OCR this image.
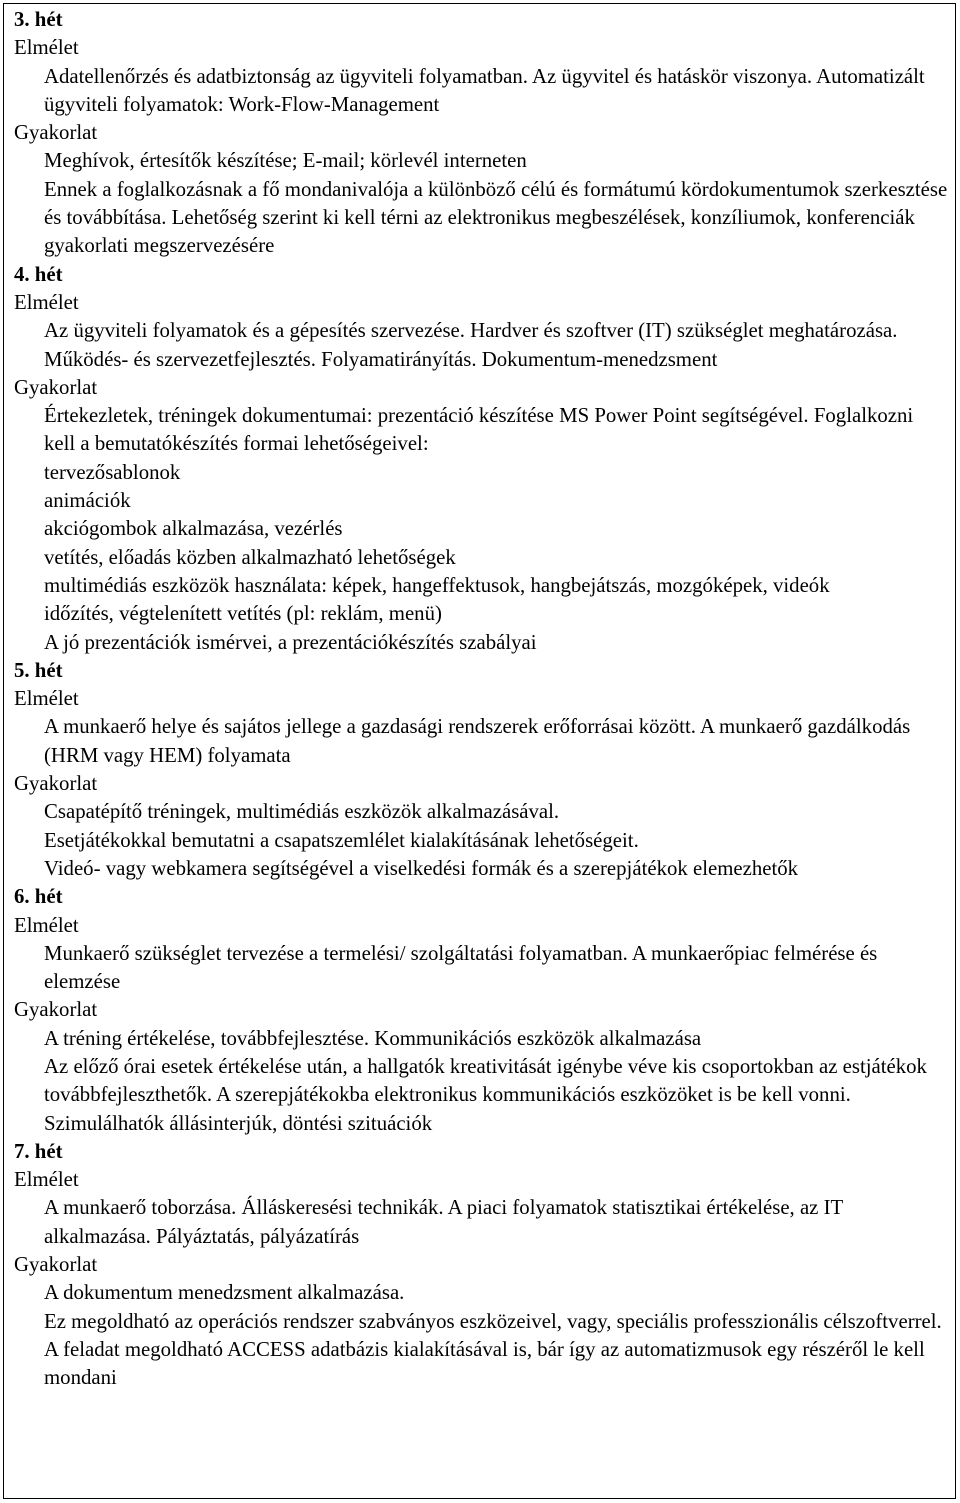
3. hét
Elmélet
Adatellenőrzés és adatbiztonság az ügyviteli folyamatban. Az ügyvitel és hatáskör viszonya. Automatizált ügyviteli folyamatok: Work-Flow-Management
Gyakorlat
Meghívok, értesítők készítése; E-mail; körlevél interneten
Ennek a foglalkozásnak a fő mondanivalója a különböző célú és formátumú kördokumentumok szerkesztése és továbbítása. Lehetőség szerint ki kell térni az elektronikus megbeszélések, konzíliumok, konferenciák gyakorlati megszervezésére
4. hét
Elmélet
Az ügyviteli folyamatok és a gépesítés szervezése. Hardver és szoftver (IT) szükséglet meghatározása. Működés- és szervezetfejlesztés. Folyamatirányítás. Dokumentum-menedzsment
Gyakorlat
Értekezletek, tréningek dokumentumai: prezentáció készítése MS Power Point segítségével. Foglalkozni kell a bemutatókészítés formai lehetőségeivel:
tervezősablonok
animációk
akciógombok alkalmazása, vezérlés
vetítés, előadás közben alkalmazható lehetőségek
multimédiás eszközök használata: képek, hangeffektusok, hangbejátszás, mozgóképek, videók
időzítés, végtelenített vetítés (pl: reklám, menü)
A jó prezentációk ismérvei, a prezentációkészítés szabályai
5. hét
Elmélet
A munkaerő helye és sajátos jellege a gazdasági rendszerek erőforrásai között. A munkaerő gazdálkodás (HRM vagy HEM) folyamata
Gyakorlat
Csapatépítő tréningek, multimédiás eszközök alkalmazásával.
Esetjátékokkal bemutatni a csapatszemlélet kialakításának lehetőségeit.
Videó- vagy webkamera segítségével a viselkedési formák és a szerepjátékok elemezhetők
6. hét
Elmélet
Munkaerő szükséglet tervezése a termelési/ szolgáltatási folyamatban. A munkaerőpiac felmérése és elemzése
Gyakorlat
A tréning értékelése, továbbfejlesztése. Kommunikációs eszközök alkalmazása
Az előző órai esetek értékelése után, a hallgatók kreativitását igénybe véve kis csoportokban az estjátékok továbbfejleszthetők. A szerepjátékokba elektronikus kommunikációs eszközöket is be kell vonni.
Szimulálhatók állásinterjúk, döntési szituációk
7. hét
Elmélet
A munkaerő toborzása. Álláskeresési technikák. A piaci folyamatok statisztikai értékelése, az IT alkalmazása. Pályáztatás, pályázatírás
Gyakorlat
A dokumentum menedzsment alkalmazása.
Ez megoldható az operációs rendszer szabványos eszközeivel, vagy, speciális professzionális célszoftverrel.
A feladat megoldható ACCESS adatbázis kialakításával is, bár így az automatizmusok egy részéről le kell mondani
